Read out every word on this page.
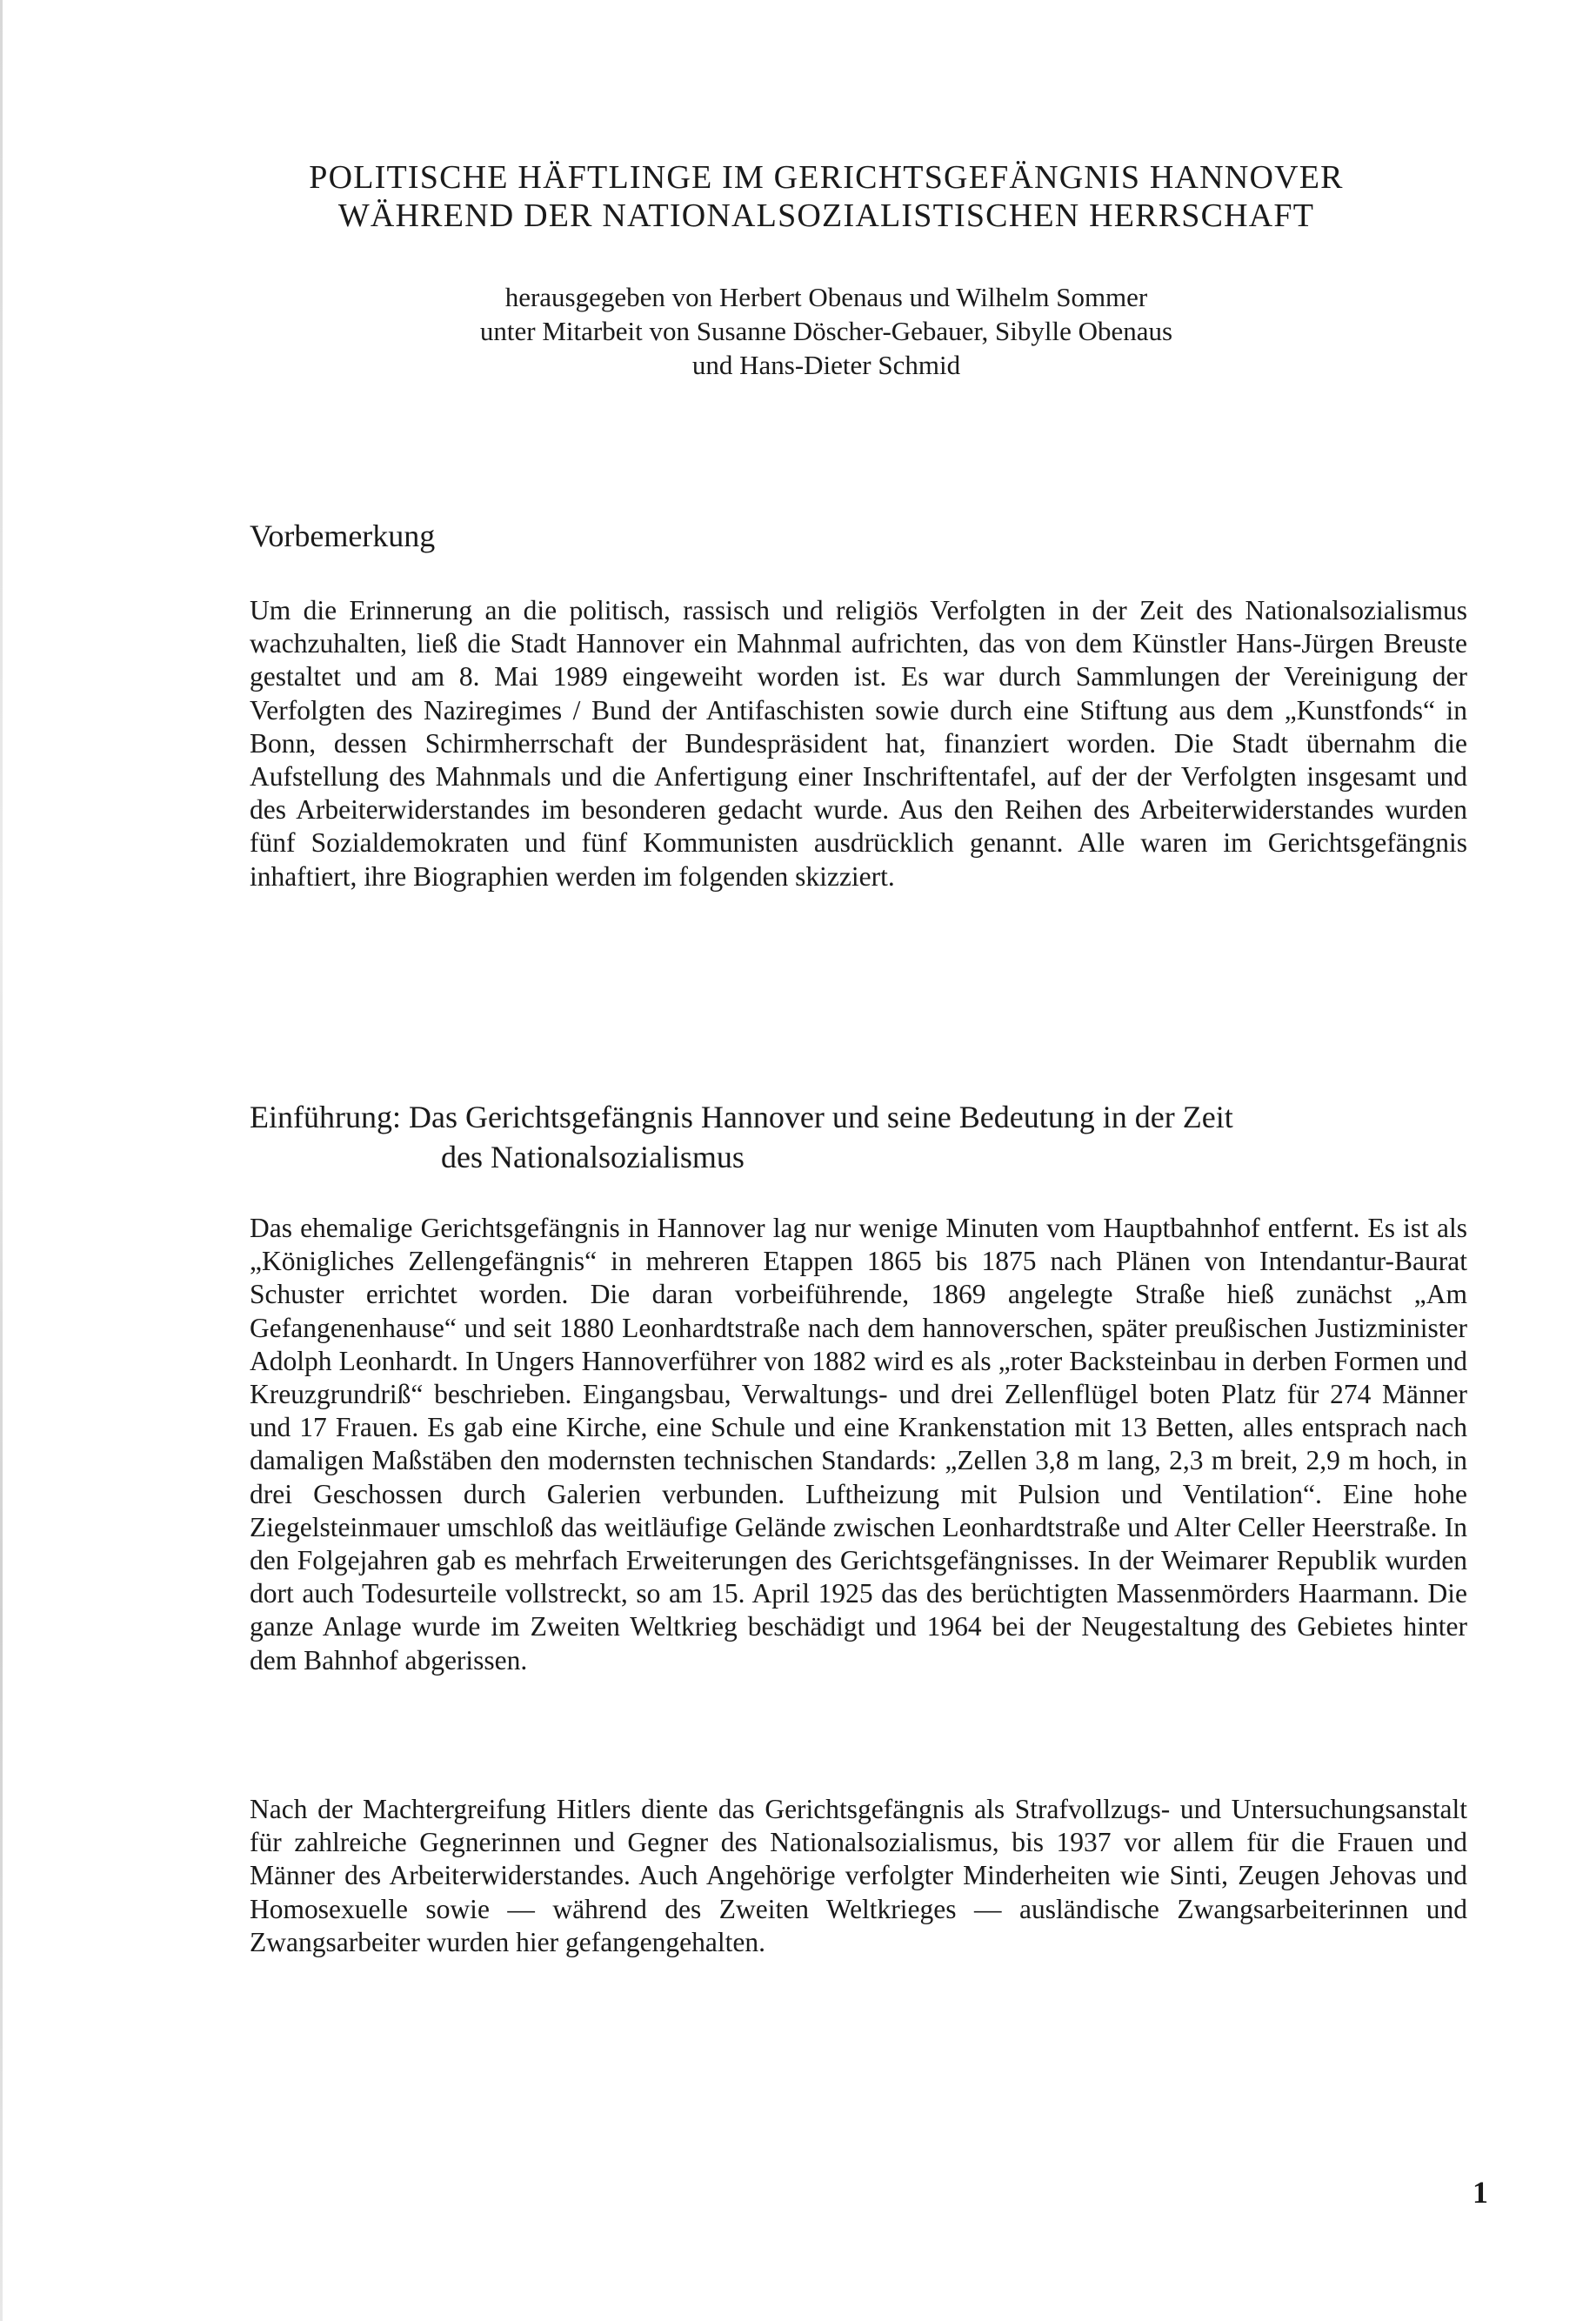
POLITISCHE HÄFTLINGE IM GERICHTSGEFÄNGNIS HANNOVER
WÄHREND DER NATIONALSOZIALISTISCHEN HERRSCHAFT
herausgegeben von Herbert Obenaus und Wilhelm Sommer
unter Mitarbeit von Susanne Döscher-Gebauer, Sibylle Obenaus
und Hans-Dieter Schmid
Vorbemerkung

Um die Erinnerung an die politisch, rassisch und religiös Verfolgten in der Zeit des Nationalsozialismus wachzuhalten, ließ die Stadt Hannover ein Mahnmal aufrichten, das von dem Künstler Hans-Jürgen Breuste gestaltet und am 8. Mai 1989 eingeweiht worden ist. Es war durch Sammlungen der Vereinigung der Verfolgten des Naziregimes / Bund der Antifaschisten sowie durch eine Stiftung aus dem „Kunstfonds“ in Bonn, dessen Schirmherrschaft der Bundespräsident hat, finanziert worden. Die Stadt übernahm die Aufstellung des Mahnmals und die Anfertigung einer Inschriftentafel, auf der der Verfolgten insgesamt und des Arbeiterwiderstandes im besonderen gedacht wurde. Aus den Reihen des Arbeiterwiderstandes wurden fünf Sozialdemokraten und fünf Kommunisten ausdrücklich genannt. Alle waren im Gerichtsgefängnis inhaftiert, ihre Biographien werden im folgenden skizziert.

Einführung: Das Gerichtsgefängnis Hannover und seine Bedeutung in der Zeit
des Nationalsozialismus

Das ehemalige Gerichtsgefängnis in Hannover lag nur wenige Minuten vom Hauptbahnhof entfernt. Es ist als „Königliches Zellengefängnis“ in mehreren Etappen 1865 bis 1875 nach Plänen von Intendantur-Baurat Schuster errichtet worden. Die daran vorbeiführende, 1869 angelegte Straße hieß zunächst „Am Gefangenenhause“ und seit 1880 Leonhardtstraße nach dem hannoverschen, später preußischen Justizminister Adolph Leonhardt. In Ungers Hannoverführer von 1882 wird es als „roter Backsteinbau in derben Formen und Kreuzgrundriß“ beschrieben. Eingangsbau, Verwaltungs- und drei Zellenflügel boten Platz für 274 Männer und 17 Frauen. Es gab eine Kirche, eine Schule und eine Krankenstation mit 13 Betten, alles entsprach nach damaligen Maßstäben den modernsten technischen Standards: „Zellen 3,8 m lang, 2,3 m breit, 2,9 m hoch, in drei Geschossen durch Galerien verbunden. Luftheizung mit Pulsion und Ventilation“. Eine hohe Ziegelsteinmauer umschloß das weitläufige Gelände zwischen Leonhardtstraße und Alter Celler Heerstraße. In den Folgejahren gab es mehrfach Erweiterungen des Gerichtsgefängnisses. In der Weimarer Republik wurden dort auch Todesurteile vollstreckt, so am 15. April 1925 das des berüchtigten Massenmörders Haarmann. Die ganze Anlage wurde im Zweiten Weltkrieg beschädigt und 1964 bei der Neugestaltung des Gebietes hinter dem Bahnhof abgerissen.

Nach der Machtergreifung Hitlers diente das Gerichtsgefängnis als Strafvollzugs- und Untersuchungsanstalt für zahlreiche Gegnerinnen und Gegner des Nationalsozialismus, bis 1937 vor allem für die Frauen und Männer des Arbeiterwiderstandes. Auch Angehörige verfolgter Minderheiten wie Sinti, Zeugen Jehovas und Homosexuelle sowie — während des Zweiten Weltkrieges — ausländische Zwangsarbeiterinnen und Zwangsarbeiter wurden hier gefangengehalten.

1
